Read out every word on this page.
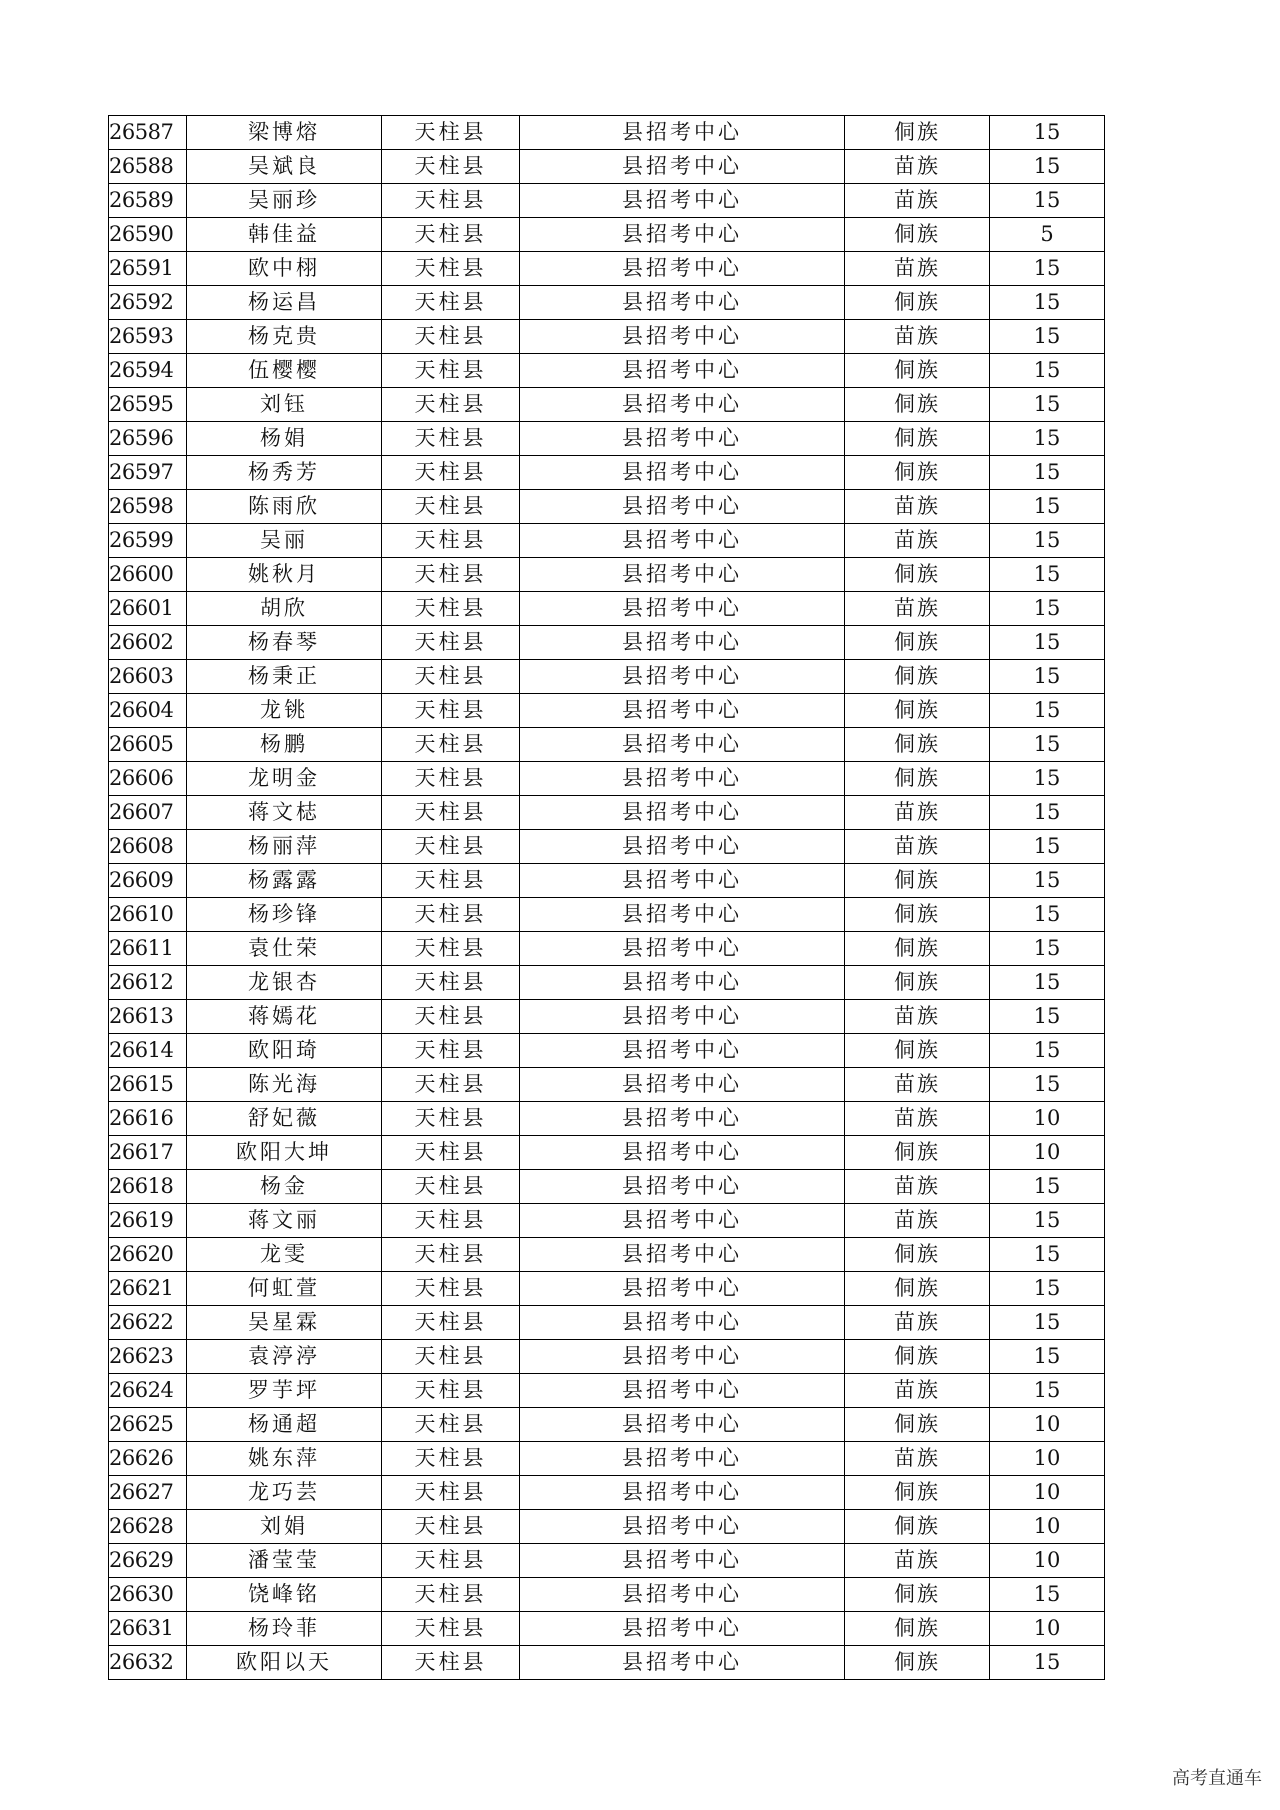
26587	梁博熔	天柱县	县招考中心	侗族	15
26588	吴斌良	天柱县	县招考中心	苗族	15
26589	吴丽珍	天柱县	县招考中心	苗族	15
26590	韩佳益	天柱县	县招考中心	侗族	5
26591	欧中栩	天柱县	县招考中心	苗族	15
26592	杨运昌	天柱县	县招考中心	侗族	15
26593	杨克贵	天柱县	县招考中心	苗族	15
26594	伍樱樱	天柱县	县招考中心	侗族	15
26595	刘钰	天柱县	县招考中心	侗族	15
26596	杨娟	天柱县	县招考中心	侗族	15
26597	杨秀芳	天柱县	县招考中心	侗族	15
26598	陈雨欣	天柱县	县招考中心	苗族	15
26599	吴丽	天柱县	县招考中心	苗族	15
26600	姚秋月	天柱县	县招考中心	侗族	15
26601	胡欣	天柱县	县招考中心	苗族	15
26602	杨春琴	天柱县	县招考中心	侗族	15
26603	杨秉正	天柱县	县招考中心	侗族	15
26604	龙铫	天柱县	县招考中心	侗族	15
26605	杨鹏	天柱县	县招考中心	侗族	15
26606	龙明金	天柱县	县招考中心	侗族	15
26607	蒋文梽	天柱县	县招考中心	苗族	15
26608	杨丽萍	天柱县	县招考中心	苗族	15
26609	杨露露	天柱县	县招考中心	侗族	15
26610	杨珍锋	天柱县	县招考中心	侗族	15
26611	袁仕荣	天柱县	县招考中心	侗族	15
26612	龙银杏	天柱县	县招考中心	侗族	15
26613	蒋嫣花	天柱县	县招考中心	苗族	15
26614	欧阳琦	天柱县	县招考中心	侗族	15
26615	陈光海	天柱县	县招考中心	苗族	15
26616	舒妃薇	天柱县	县招考中心	苗族	10
26617	欧阳大坤	天柱县	县招考中心	侗族	10
26618	杨金	天柱县	县招考中心	苗族	15
26619	蒋文丽	天柱县	县招考中心	苗族	15
26620	龙雯	天柱县	县招考中心	侗族	15
26621	何虹萱	天柱县	县招考中心	侗族	15
26622	吴星霖	天柱县	县招考中心	苗族	15
26623	袁渟渟	天柱县	县招考中心	侗族	15
26624	罗芋坪	天柱县	县招考中心	苗族	15
26625	杨通超	天柱县	县招考中心	侗族	10
26626	姚东萍	天柱县	县招考中心	苗族	10
26627	龙巧芸	天柱县	县招考中心	侗族	10
26628	刘娟	天柱县	县招考中心	侗族	10
26629	潘莹莹	天柱县	县招考中心	苗族	10
26630	饶峰铭	天柱县	县招考中心	侗族	15
26631	杨玲菲	天柱县	县招考中心	侗族	10
26632	欧阳以天	天柱县	县招考中心	侗族	15
高考直通车
